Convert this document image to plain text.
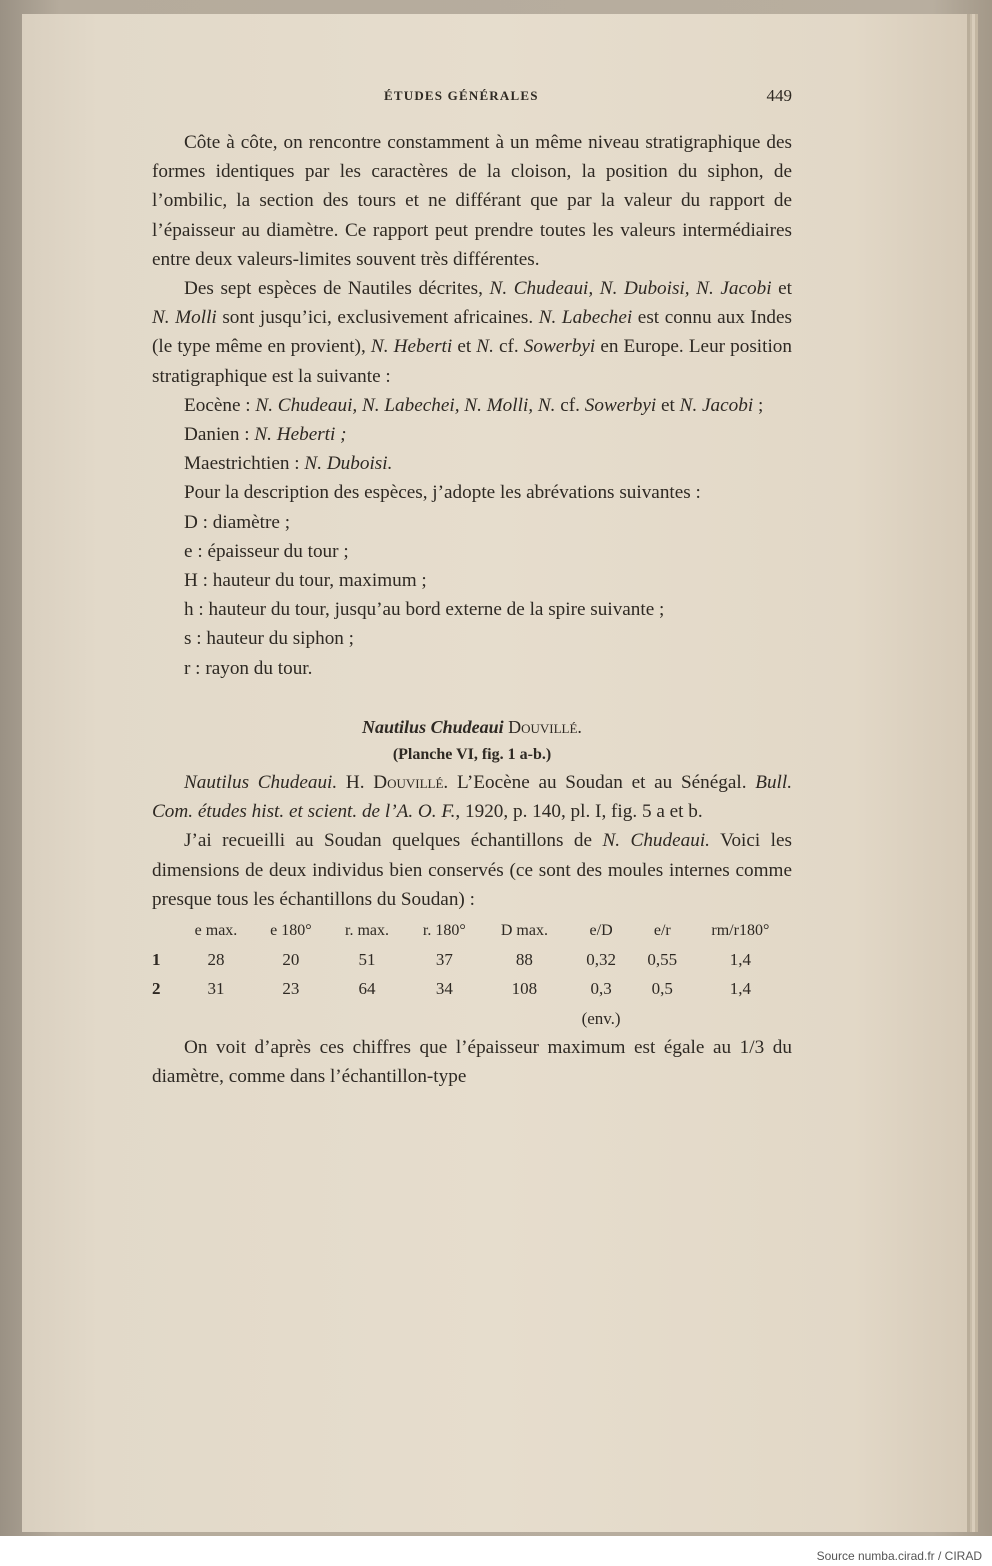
ÉTUDES GÉNÉRALES	449

Côte à côte, on rencontre constamment à un même niveau stratigraphique des formes identiques par les caractères de la cloison, la position du siphon, de l’ombilic, la section des tours et ne différant que par la valeur du rapport de l’épaisseur au diamètre. Ce rapport peut prendre toutes les valeurs intermédiaires entre deux valeurs-limites souvent très différentes.

Des sept espèces de Nautiles décrites, N. Chudeaui, N. Duboisi, N. Jacobi et N. Molli sont jusqu’ici, exclusivement africaines. N. Labechei est connu aux Indes (le type même en provient), N. Heberti et N. cf. Sowerbyi en Europe. Leur position stratigraphique est la suivante :

Eocène : N. Chudeaui, N. Labechei, N. Molli, N. cf. Sowerbyi et N. Jacobi ;

Danien : N. Heberti ;

Maestrichtien : N. Duboisi.

Pour la description des espèces, j’adopte les abrévations suivantes :

D : diamètre ;

e : épaisseur du tour ;

H : hauteur du tour, maximum ;

h : hauteur du tour, jusqu’au bord externe de la spire suivante ;

s : hauteur du siphon ;

r : rayon du tour.

Nautilus Chudeaui Douvillé.

(Planche VI, fig. 1 a-b.)

Nautilus Chudeaui. H. Douvillé. L’Eocène au Soudan et au Sénégal. Bull. Com. études hist. et scient. de l’A. O. F., 1920, p. 140, pl. I, fig. 5 a et b.

J’ai recueilli au Soudan quelques échantillons de N. Chudeaui. Voici les dimensions de deux individus bien conservés (ce sont des moules internes comme presque tous les échantillons du Soudan) :

	e max.	e 180°	r. max.	r. 180°	D max.	e/D	e/r	rm/r180°
1	28	20	51	37	88	0,32	0,55	1,4
2	31	23	64	34	108	0,3	0,5	1,4
						(env.)		

On voit d’après ces chiffres que l’épaisseur maximum est égale au 1/3 du diamètre, comme dans l’échantillon-type

Source numba.cirad.fr / CIRAD
